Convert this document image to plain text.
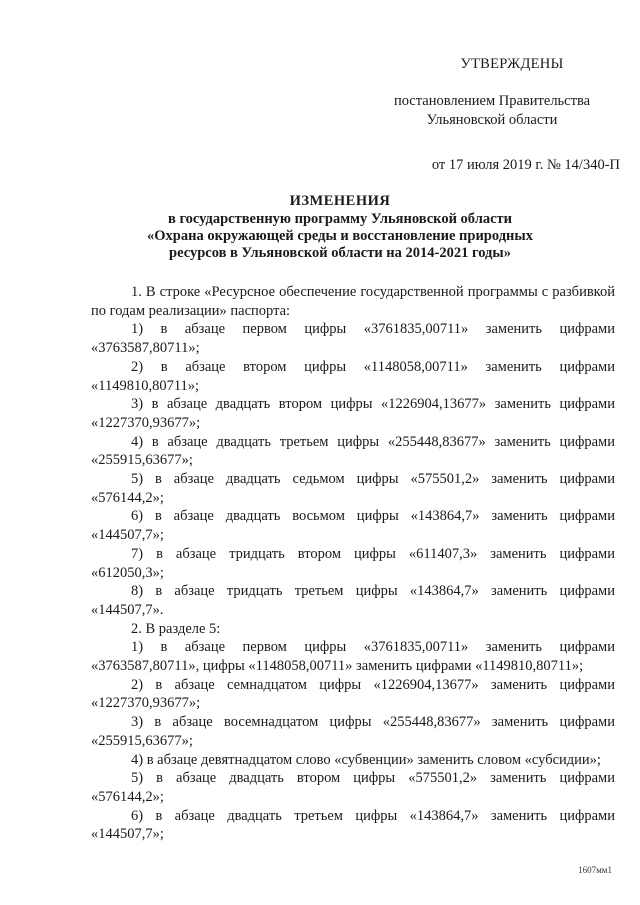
УТВЕРЖДЕНЫ
постановлением Правительства
Ульяновской области
от 17 июля 2019 г. № 14/340-П
ИЗМЕНЕНИЯ
в государственную программу Ульяновской области
«Охрана окружающей среды и восстановление природных
ресурсов в Ульяновской области на 2014-2021 годы»

1. В строке «Ресурсное обеспечение государственной программы с разбивкой по годам реализации» паспорта:

1) в абзаце первом цифры «3761835,00711» заменить цифрами «3763587,80711»;

2) в абзаце втором цифры «1148058,00711» заменить цифрами «1149810,80711»;

3) в абзаце двадцать втором цифры «1226904,13677» заменить цифрами «1227370,93677»;

4) в абзаце двадцать третьем цифры «255448,83677» заменить цифрами «255915,63677»;

5) в абзаце двадцать седьмом цифры «575501,2» заменить цифрами «576144,2»;

6) в абзаце двадцать восьмом цифры «143864,7» заменить цифрами «144507,7»;

7) в абзаце тридцать втором цифры «611407,3» заменить цифрами «612050,3»;

8) в абзаце тридцать третьем цифры «143864,7» заменить цифрами «144507,7».

2. В разделе 5:

1) в абзаце первом цифры «3761835,00711» заменить цифрами «3763587,80711», цифры «1148058,00711» заменить цифрами «1149810,80711»;

2) в абзаце семнадцатом цифры «1226904,13677» заменить цифрами «1227370,93677»;

3) в абзаце восемнадцатом цифры «255448,83677» заменить цифрами «255915,63677»;

4) в абзаце девятнадцатом слово «субвенции» заменить словом «субсидии»;

5) в абзаце двадцать втором цифры «575501,2» заменить цифрами «576144,2»;

6) в абзаце двадцать третьем цифры «143864,7» заменить цифрами «144507,7»;

1607мм1
